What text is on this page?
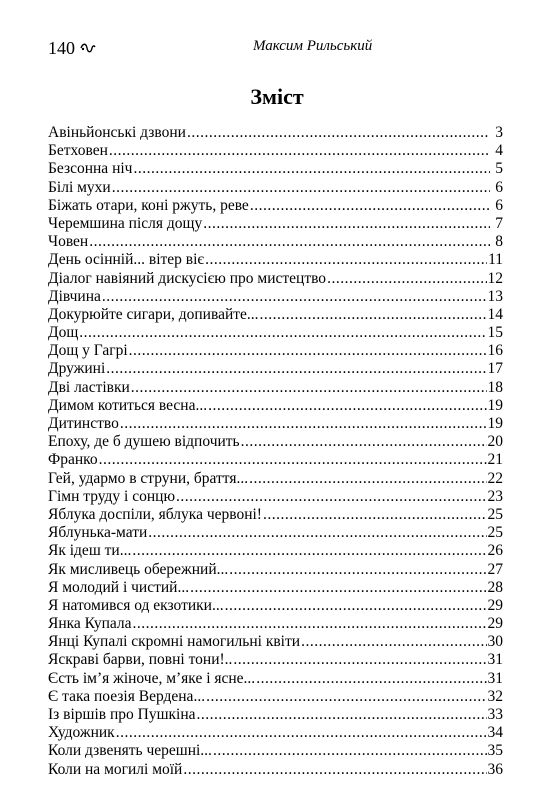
140	Максим Рильський
Зміст
Авіньйонські дзвони .....	3
Бетховен .....	4
Безсонна ніч .....	5
Білі мухи .....	6
Біжать отари, коні ржуть, реве .....	6
Черемшина після дощу .....	7
Човен .....	8
День осінній... вітер віє .....	11
Діалог навіяний дискусією про мистецтво .....	12
Дівчина .....	13
Докурюйте сигари, допивайте... .....	14
Дощ .....	15
Дощ у Гагрі .....	16
Дружині .....	17
Дві ластівки .....	18
Димом котиться весна... .....	19
Дитинство .....	19
Епоху, де б душею відпочить .....	20
Франко .....	21
Гей, удармо в струни, браття... .....	22
Гімн труду і сонцю .....	23
Яблука доспіли, яблука червоні! .....	25
Яблунька-мати .....	25
Як ідеш ти... .....	26
Як мисливець обережний... .....	27
Я молодий і чистий... .....	28
Я натомився од екзотики... .....	29
Янка Купала .....	29
Янці Купалі скромні намогильні квіти .....	30
Яскраві барви, повні тони!.. .....	31
Єсть ім’я жіноче, м’яке і ясне... .....	31
Є така поезія Вердена... .....	32
Із віршів про Пушкіна .....	33
Художник .....	34
Коли дзвенять черешні... .....	35
Коли на могилі моїй .....	36
